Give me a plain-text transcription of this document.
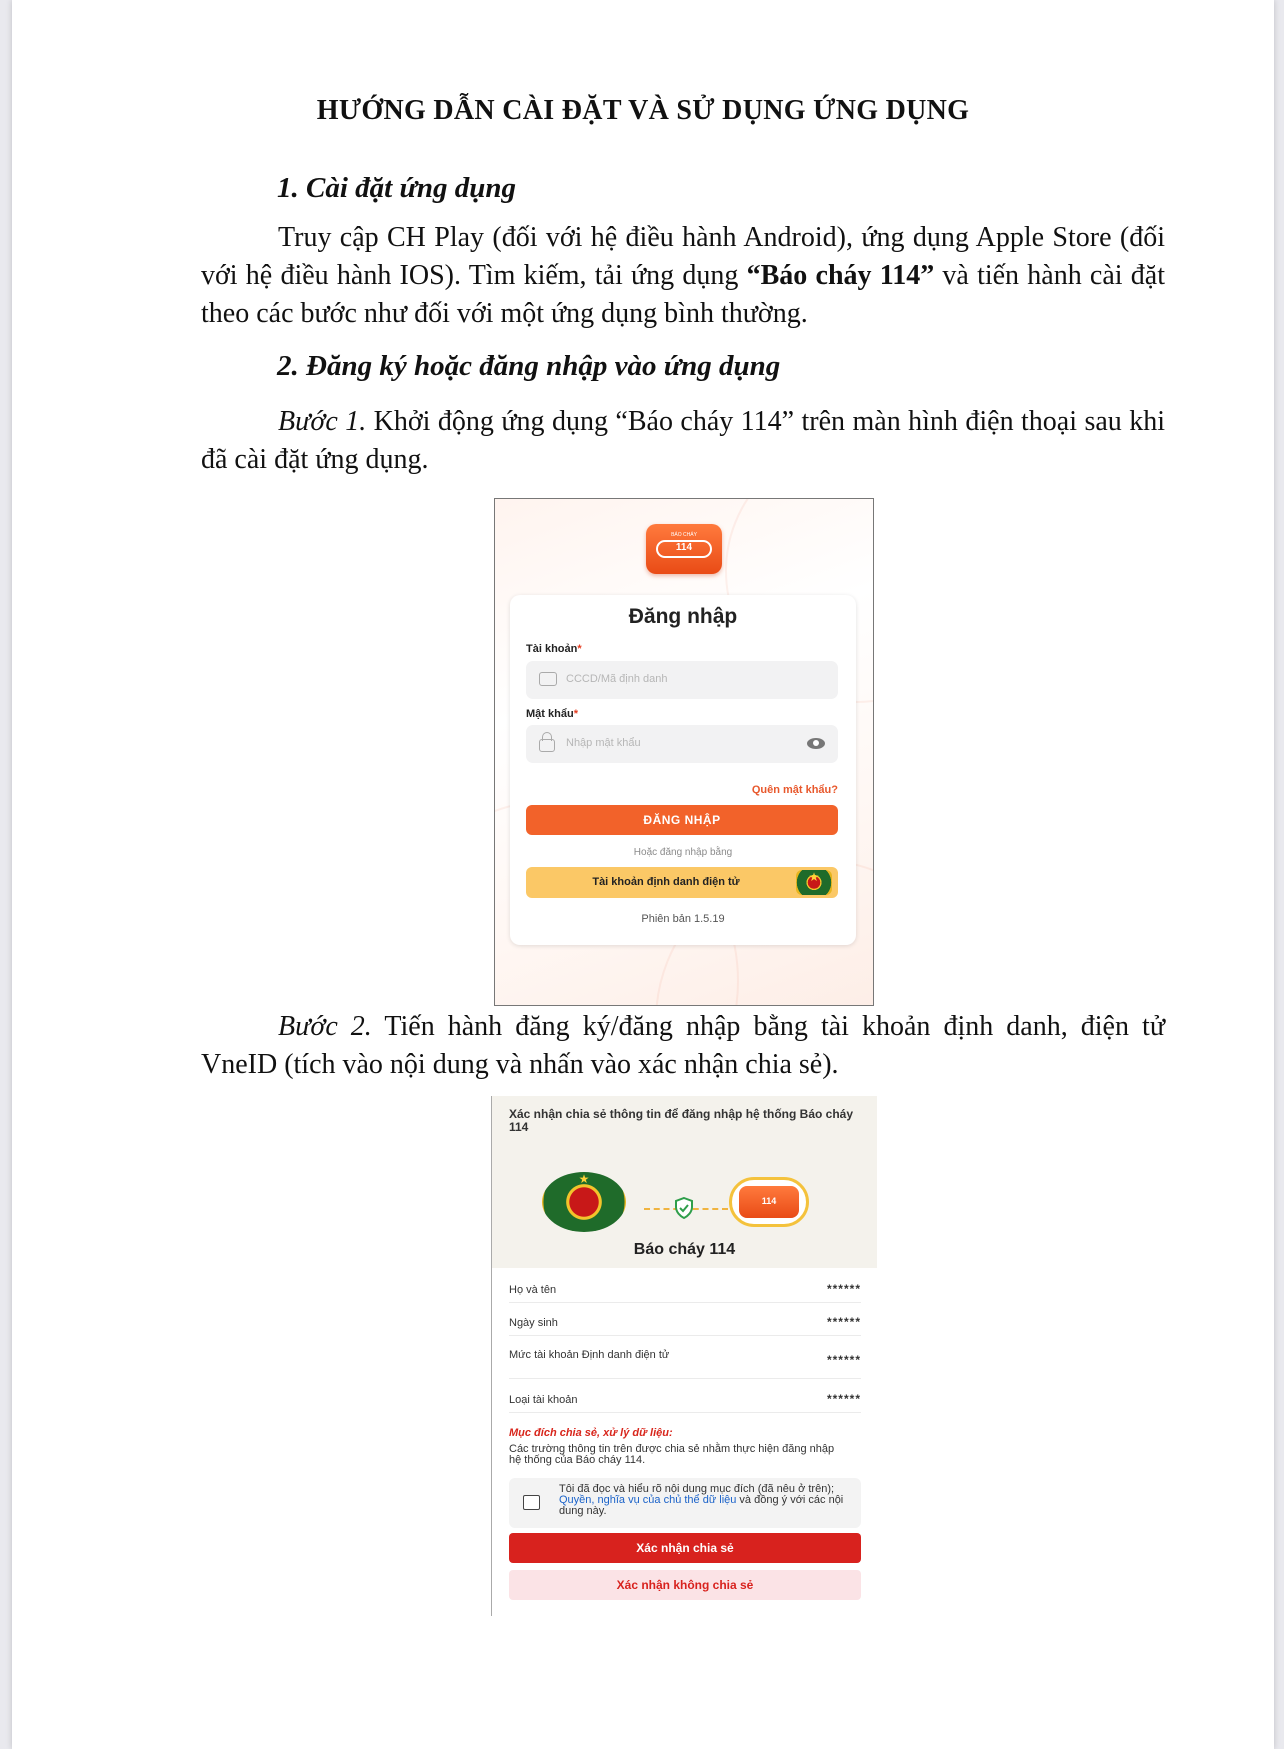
HƯỚNG DẪN CÀI ĐẶT VÀ SỬ DỤNG ỨNG DỤNG
1. Cài đặt ứng dụng

Truy cập CH Play (đối với hệ điều hành Android), ứng dụng Apple Store (đối với hệ điều hành IOS). Tìm kiếm, tải ứng dụng “Báo cháy 114” và tiến hành cài đặt theo các bước như đối với một ứng dụng bình thường.

2. Đăng ký hoặc đăng nhập vào ứng dụng

Bước 1. Khởi động ứng dụng “Báo cháy 114” trên màn hình điện thoại sau khi đã cài đặt ứng dụng.

BÁO CHÁY
114
Đăng nhập
Tài khoản*
CCCD/Mã định danh
Mật khẩu*
Nhập mật khẩu
Quên mật khẩu?
ĐĂNG NHẬP
Hoặc đăng nhập bằng
Tài khoản định danh điện tử
★
Phiên bản 1.5.19

Bước 2. Tiến hành đăng ký/đăng nhập bằng tài khoản định danh, điện tử VneID (tích vào nội dung và nhấn vào xác nhận chia sẻ).

Xác nhận chia sẻ thông tin để đăng nhập hệ thống Báo cháy 114
★
114
Báo cháy 114
Họ và tên	******
Ngày sinh	******
Mức tài khoản Định danh điện tử	******
Loại tài khoản	******
Mục đích chia sẻ, xử lý dữ liệu:
Các trường thông tin trên được chia sẻ nhằm thực hiện đăng nhập hệ thống của Báo cháy 114.
Tôi đã đọc và hiểu rõ nội dung mục đích (đã nêu ở trên); Quyền, nghĩa vụ của chủ thể dữ liệu và đồng ý với các nội dung này.
Xác nhận chia sẻ
Xác nhận không chia sẻ
